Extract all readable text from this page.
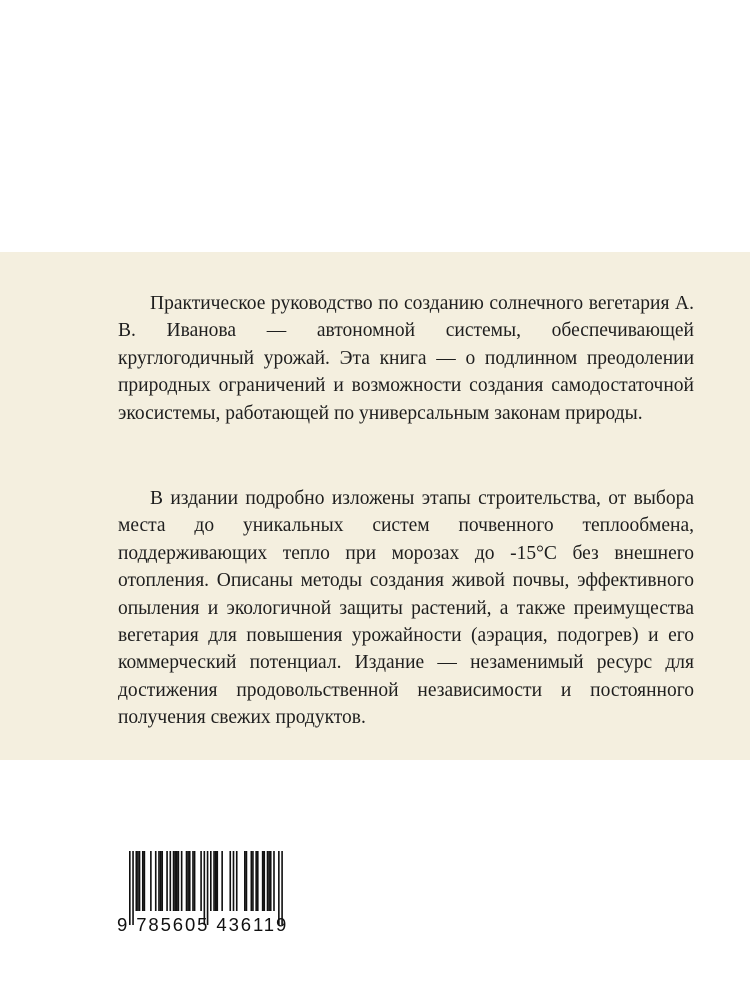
Практическое руководство по созданию солнечного вегетария А. В. Иванова — автономной системы, обеспечивающей круглогодичный урожай. Эта книга — о подлинном преодолении природных ограничений и возможности создания самодостаточной экосистемы, работающей по универсальным законам природы.

В издании подробно изложены этапы строительства, от выбора места до уникальных систем почвенного теплообмена, поддерживающих тепло при морозах до -15°С без внешнего отопления. Описаны методы создания живой почвы, эффективного опыления и экологичной защиты растений, а также преимущества вегетария для повышения урожайности (аэрация, подогрев) и его коммерческий потенциал. Издание — незаменимый ресурс для достижения продовольственной независимости и постоянного получения свежих продуктов.

9 785605 436119
